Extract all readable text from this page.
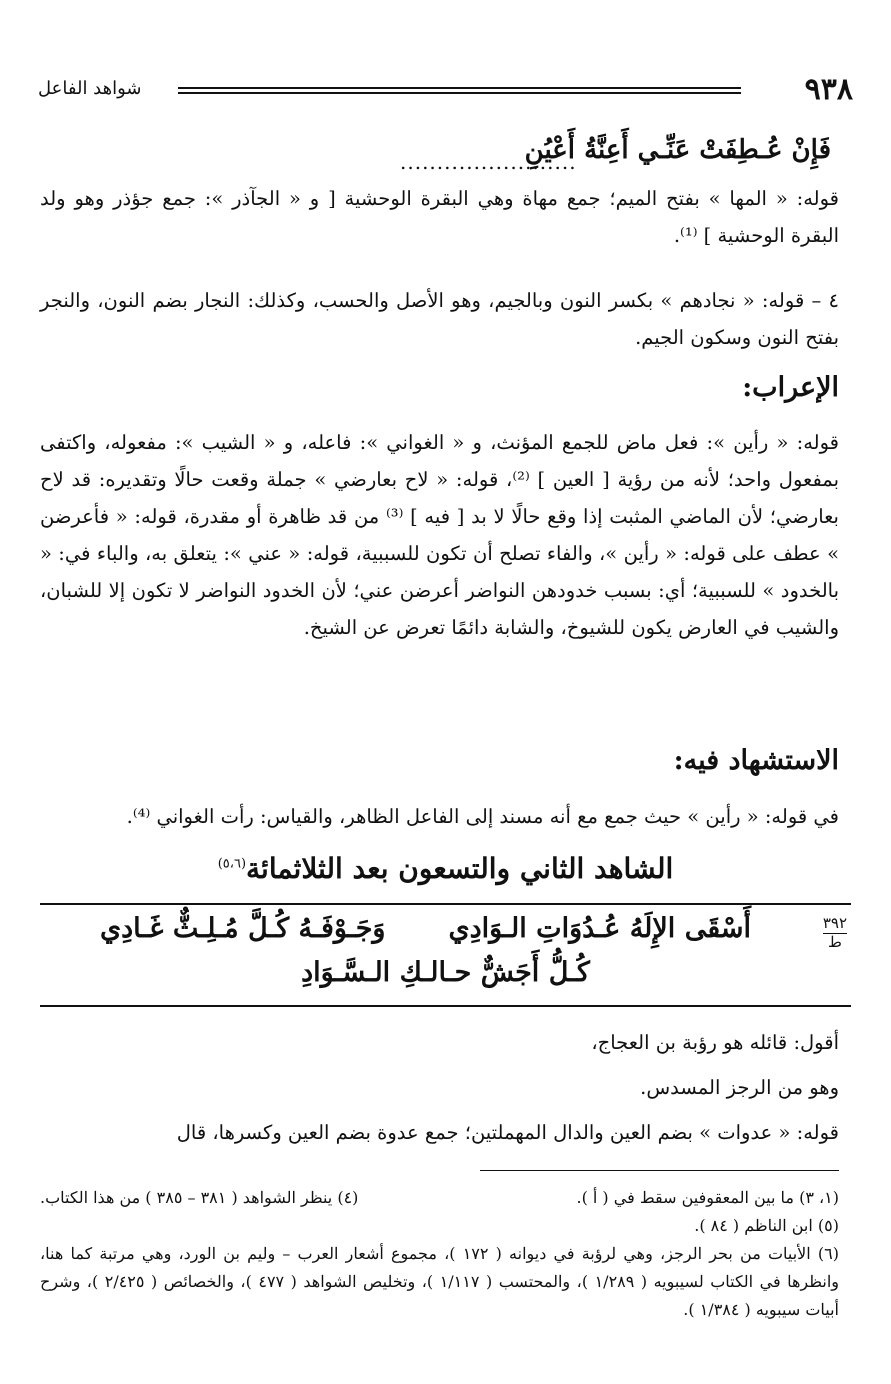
٩٣٨
شواهد الفاعل
فَإِنْ عُـطِفَتْ عَنِّـي أَعِنَّةُ أَعْيُنِ
........................
قوله: « المها » بفتح الميم؛ جمع مهاة وهي البقرة الوحشية [ و « الجآذر »: جمع جؤذر وهو ولد البقرة الوحشية ] ⁽¹⁾.
٤ – قوله: « نجادهم » بكسر النون وبالجيم، وهو الأصل والحسب، وكذلك: النجار بضم النون، والنجر بفتح النون وسكون الجيم.
الإعراب:
قوله: « رأين »: فعل ماض للجمع المؤنث، و « الغواني »: فاعله، و « الشيب »: مفعوله، واكتفى بمفعول واحد؛ لأنه من رؤية [ العين ] ⁽²⁾، قوله: « لاح بعارضي » جملة وقعت حالًا وتقديره: قد لاح بعارضي؛ لأن الماضي المثبت إذا وقع حالًا لا بد [ فيه ] ⁽³⁾ من قد ظاهرة أو مقدرة، قوله: « فأعرضن » عطف على قوله: « رأين »، والفاء تصلح أن تكون للسببية، قوله: « عني »: يتعلق به، والباء في: « بالخدود » للسببية؛ أي: بسبب خدودهن النواضر أعرضن عني؛ لأن الخدود النواضر لا تكون إلا للشبان، والشيب في العارض يكون للشيوخ، والشابة دائمًا تعرض عن الشيخ.
الاستشهاد فيه:
في قوله: « رأين » حيث جمع مع أنه مسند إلى الفاعل الظاهر، والقياس: رأت الغواني ⁽⁴⁾.
الشاهد الثاني والتسعون بعد الثلاثمائة$^{(٥،٦)}$
٣٩٢
ط
أَسْقَى الإِلَهُ عُـدُوَاتِ الـوَادِي
وَجَـوْفَـهُ كُـلَّ مُـلِـثٌّ غَـادِي
كُـلُّ أَجَشٌّ حـالـكِ الـسَّـوَادِ
أقول: قائله هو رؤبة بن العجاج،
وهو من الرجز المسدس.
قوله: « عدوات » بضم العين والدال المهملتين؛ جمع عدوة بضم العين وكسرها، قال
(١، ٣) ما بين المعقوفين سقط في ( أ ).
(٤) ينظر الشواهد ( ٣٨١ – ٣٨٥ ) من هذا الكتاب.
(٥) ابن الناظم ( ٨٤ ).
(٦) الأبيات من بحر الرجز، وهي لرؤبة في ديوانه ( ١٧٢ )، مجموع أشعار العرب – وليم بن الورد، وهي مرتبة كما هنا، وانظرها في الكتاب لسيبويه ( ١/٢٨٩ )، والمحتسب ( ١/١١٧ )، وتخليص الشواهد ( ٤٧٧ )، والخصائص ( ٢/٤٢٥ )، وشرح أبيات سيبويه ( ١/٣٨٤ ).
